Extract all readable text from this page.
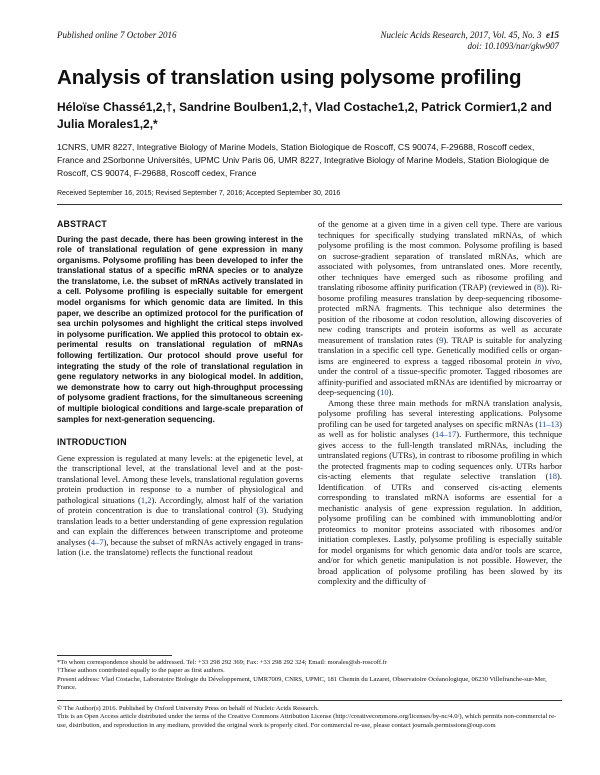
Published online 7 October 2016	Nucleic Acids Research, 2017, Vol. 45, No. 3 e15
doi: 10.1093/nar/gkw907
Analysis of translation using polysome profiling
Héloïse Chassé1,2,†, Sandrine Boulben1,2,†, Vlad Costache1,2, Patrick Cormier1,2 and
Julia Morales1,2,*
1CNRS, UMR 8227, Integrative Biology of Marine Models, Station Biologique de Roscoff, CS 90074, F-29688, Roscoff cedex, France and 2Sorbonne Universités, UPMC Univ Paris 06, UMR 8227, Integrative Biology of Marine Models, Station Biologique de Roscoff, CS 90074, F-29688, Roscoff cedex, France
Received September 16, 2015; Revised September 7, 2016; Accepted September 30, 2016
ABSTRACT

During the past decade, there has been growing interest in the role of translational regulation of gene expression in many organisms. Polysome profiling has been developed to infer the translational status of a specific mRNA species or to analyze the translatome, i.e. the subset of mRNAs actively translated in a cell. Polysome profiling is especially suitable for emergent model organisms for which genomic data are limited. In this paper, we describe an optimized protocol for the purification of sea urchin polysomes and highlight the critical steps involved in polysome purification. We applied this protocol to obtain experimental results on translational regulation of mRNAs following fertilization. Our protocol should prove useful for integrating the study of the role of translational regulation in gene regulatory networks in any biological model. In addition, we demonstrate how to carry out high-throughput processing of polysome gradient fractions, for the simultaneous screening of multiple biological conditions and large-scale preparation of samples for next-generation sequencing.

INTRODUCTION

Gene expression is regulated at many levels: at the epigenetic level, at the transcriptional level, at the translational level and at the post-translational level. Among these levels, translational regulation governs protein production in response to a number of physiological and pathological situations (1,2). Accordingly, almost half of the variation of protein concentration is due to translational control (3). Studying translation leads to a better understanding of gene expression regulation and can explain the differences between transcriptome and proteome analyses (4–7), because the subset of mRNAs actively engaged in translation (i.e. the translatome) reflects the functional readout

of the genome at a given time in a given cell type. There are various techniques for specifically studying translated mRNAs, of which polysome profiling is the most common. Polysome profiling is based on sucrose-gradient separation of translated mRNAs, which are associated with polysomes, from untranslated ones. More recently, other techniques have emerged such as ribosome profiling and translating ribosome affinity purification (TRAP) (reviewed in (8)). Ribosome profiling measures translation by deep-sequencing ribosome-protected mRNA fragments. This technique also determines the position of the ribosome at codon resolution, allowing discoveries of new coding transcripts and protein isoforms as well as accurate measurement of translation rates (9). TRAP is suitable for analyzing translation in a specific cell type. Genetically modified cells or organisms are engineered to express a tagged ribosomal protein in vivo, under the control of a tissue-specific promoter. Tagged ribosomes are affinity-purified and associated mRNAs are identified by microarray or deep-sequencing (10).

Among these three main methods for mRNA translation analysis, polysome profiling has several interesting applications. Polysome profiling can be used for targeted analyses on specific mRNAs (11–13) as well as for holistic analyses (14–17). Furthermore, this technique gives access to the full-length translated mRNAs, including the untranslated regions (UTRs), in contrast to ribosome profiling in which the protected fragments map to coding sequences only. UTRs harbor cis-acting elements that regulate selective translation (18). Identification of UTRs and conserved cis-acting elements corresponding to translated mRNA isoforms are essential for a mechanistic analysis of gene expression regulation. In addition, polysome profiling can be combined with immunoblotting and/or proteomics to monitor proteins associated with ribosomes and/or initiation complexes. Lastly, polysome profiling is especially suitable for model organisms for which genomic data and/or tools are scarce, and/or for which genetic manipulation is not possible. However, the broad application of polysome profiling has been slowed by its complexity and the difficulty of

*To whom correspondence should be addressed. Tel: +33 298 292 369; Fax: +33 298 292 324; Email: morales@sb-roscoff.fr

†These authors contributed equally to the paper as first authors.

Present address: Vlad Costache, Laboratoire Biologie du Développement, UMR7009, CNRS, UPMC, 181 Chemin du Lazaret, Observatoire Océanologique, 06230 Villefranche-sur-Mer, France.

© The Author(s) 2016. Published by Oxford University Press on behalf of Nucleic Acids Research.

This is an Open Access article distributed under the terms of the Creative Commons Attribution License (http://creativecommons.org/licenses/by-nc/4.0/), which permits non-commercial re-use, distribution, and reproduction in any medium, provided the original work is properly cited. For commercial re-use, please contact journals.permissions@oup.com
